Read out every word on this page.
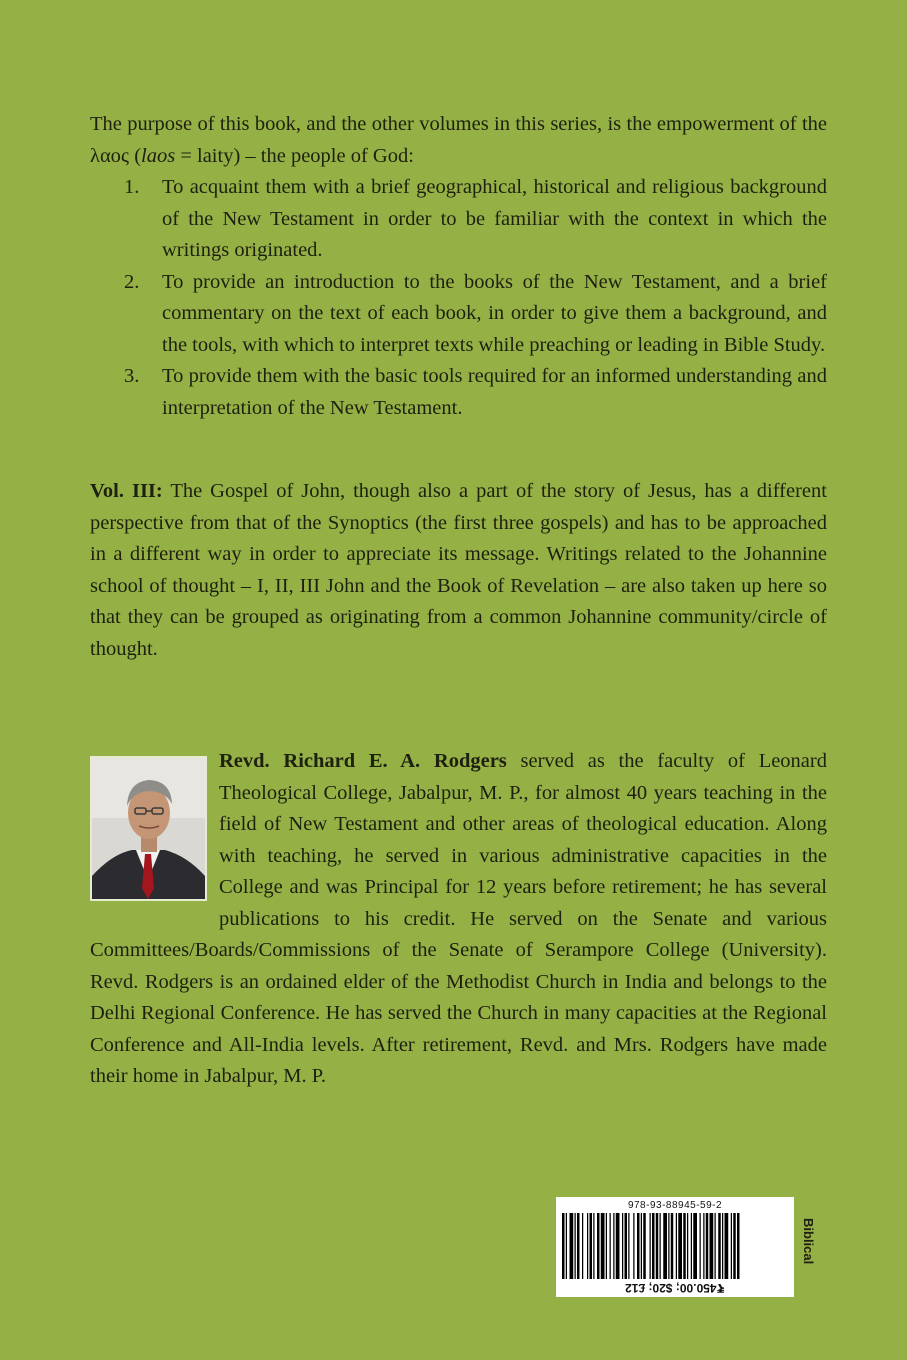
The purpose of this book, and the other volumes in this series, is the empowerment of the λαος (laos = laity) – the people of God:

1. To acquaint them with a brief geographical, historical and religious background of the New Testament in order to be familiar with the context in which the writings originated.
2. To provide an introduction to the books of the New Testament, and a brief commentary on the text of each book, in order to give them a background, and the tools, with which to interpret texts while preaching or leading in Bible Study.
3. To provide them with the basic tools required for an informed understanding and interpretation of the New Testament.
Vol. III: The Gospel of John, though also a part of the story of Jesus, has a different perspective from that of the Synoptics (the first three gospels) and has to be approached in a different way in order to appreciate its message. Writings related to the Johannine school of thought – I, II, III John and the Book of Revelation – are also taken up here so that they can be grouped as originating from a common Johannine community/circle of thought.

Revd. Richard E. A. Rodgers served as the faculty of Leonard Theological College, Jabalpur, M. P., for almost 40 years teaching in the field of New Testament and other areas of theological education. Along with teaching, he served in various administrative capacities in the College and was Principal for 12 years before retirement; he has several publications to his credit. He served on the Senate and various Committees/Boards/Commissions of the Senate of Serampore College (University). Revd. Rodgers is an ordained elder of the Methodist Church in India and belongs to the Delhi Regional Conference. He has served the Church in many capacities at the Regional Conference and All-India levels. After retirement, Revd. and Mrs. Rodgers have made their home in Jabalpur, M. P.

978-93-88945-59-2
₹450.00; $20; £12
Biblical
